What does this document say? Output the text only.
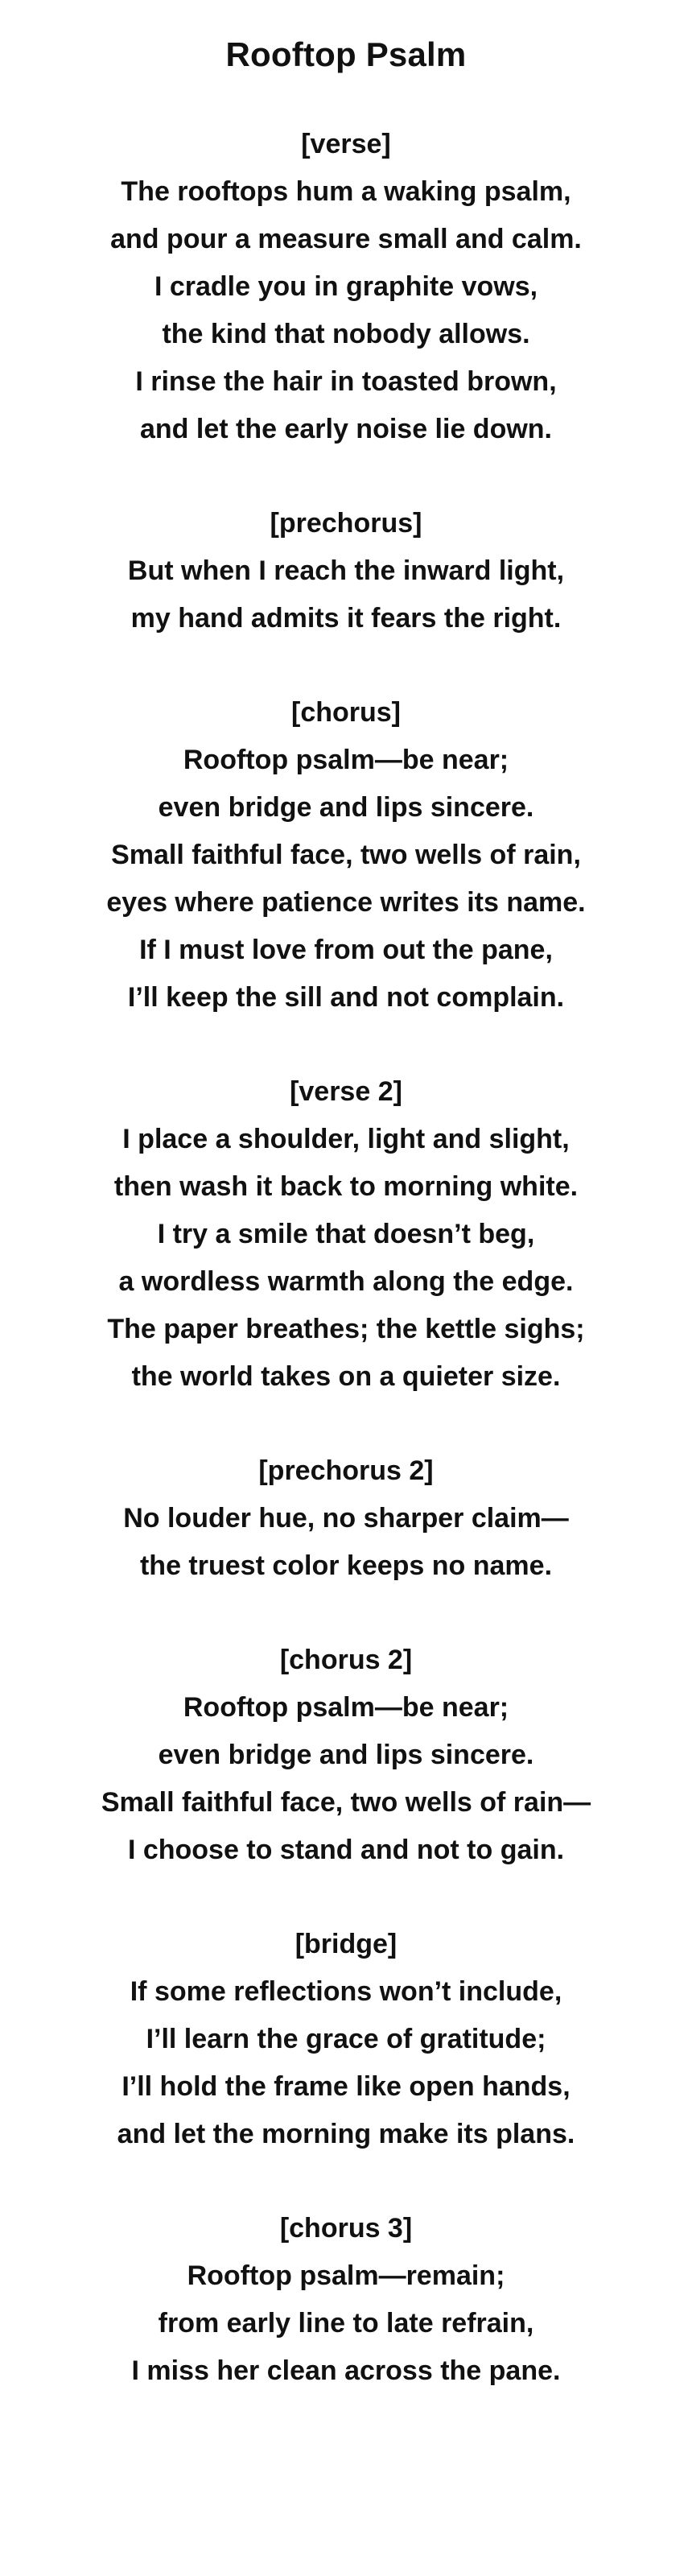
Rooftop Psalm
[verse]
The rooftops hum a waking psalm,
and pour a measure small and calm.
I cradle you in graphite vows,
the kind that nobody allows.
I rinse the hair in toasted brown,
and let the early noise lie down.
[prechorus]
But when I reach the inward light,
my hand admits it fears the right.
[chorus]
Rooftop psalm—be near;
even bridge and lips sincere.
Small faithful face, two wells of rain,
eyes where patience writes its name.
If I must love from out the pane,
I’ll keep the sill and not complain.
[verse 2]
I place a shoulder, light and slight,
then wash it back to morning white.
I try a smile that doesn’t beg,
a wordless warmth along the edge.
The paper breathes; the kettle sighs;
the world takes on a quieter size.
[prechorus 2]
No louder hue, no sharper claim—
the truest color keeps no name.
[chorus 2]
Rooftop psalm—be near;
even bridge and lips sincere.
Small faithful face, two wells of rain—
I choose to stand and not to gain.
[bridge]
If some reflections won’t include,
I’ll learn the grace of gratitude;
I’ll hold the frame like open hands,
and let the morning make its plans.
[chorus 3]
Rooftop psalm—remain;
from early line to late refrain,
I miss her clean across the pane.
